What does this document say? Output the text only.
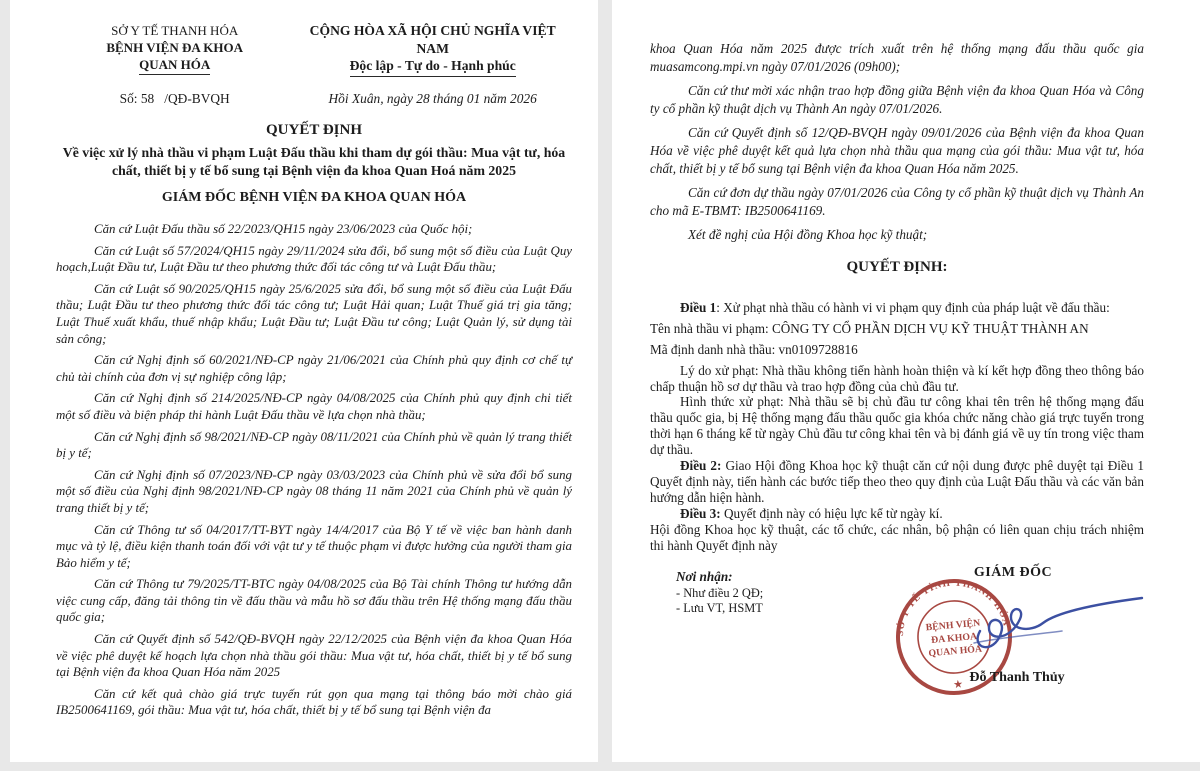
SỞ Y TẾ THANH HÓA
BỆNH VIỆN ĐA KHOA
QUAN HÓA
Số: 58   /QĐ-BVQH
CỘNG HÒA XÃ HỘI CHỦ NGHĨA VIỆT NAM
Độc lập - Tự do - Hạnh phúc
Hồi Xuân, ngày 28 tháng 01 năm 2026
QUYẾT ĐỊNH
Về việc xử lý nhà thầu vi phạm Luật Đấu thầu khi tham dự gói thầu: Mua vật tư, hóa chất, thiết bị y tế bổ sung tại Bệnh viện đa khoa Quan Hoá năm 2025
GIÁM ĐỐC BỆNH VIỆN ĐA KHOA QUAN HÓA

Căn cứ Luật Đấu thầu số 22/2023/QH15 ngày 23/06/2023 của Quốc hội;

Căn cứ Luật số 57/2024/QH15 ngày 29/11/2024 sửa đổi, bổ sung một số điều của Luật Quy hoạch,Luật Đầu tư, Luật Đầu tư theo phương thức đối tác công tư và Luật Đấu thầu;

Căn cứ Luật số 90/2025/QH15 ngày 25/6/2025 sửa đổi, bổ sung một số điều của Luật Đấu thầu; Luật Đầu tư theo phương thức đối tác công tư; Luật Hải quan; Luật Thuế giá trị gia tăng; Luật Thuế xuất khẩu, thuế nhập khẩu; Luật Đầu tư; Luật Đầu tư công; Luật Quản lý, sử dụng tài sản công;

Căn cứ Nghị định số 60/2021/NĐ-CP ngày 21/06/2021 của Chính phủ quy định cơ chế tự chủ tài chính của đơn vị sự nghiệp công lập;

Căn cứ Nghị định số 214/2025/NĐ-CP ngày 04/08/2025 của Chính phủ quy định chi tiết một số điều và biện pháp thi hành Luật Đấu thầu về lựa chọn nhà thầu;

Căn cứ Nghị định số 98/2021/NĐ-CP ngày 08/11/2021 của Chính phủ về quản lý trang thiết bị y tế;

Căn cứ Nghị định số 07/2023/NĐ-CP ngày 03/03/2023 của Chính phủ về sửa đổi bổ sung một số điều của Nghị định 98/2021/NĐ-CP ngày 08 tháng 11 năm 2021 của Chính phủ về quản lý trang thiết bị y tế;

Căn cứ Thông tư số 04/2017/TT-BYT ngày 14/4/2017 của Bộ Y tế về việc ban hành danh mục và tỷ lệ, điều kiện thanh toán đối với vật tư y tế thuộc phạm vi được hưởng của người tham gia Bảo hiểm y tế;

Căn cứ Thông tư 79/2025/TT-BTC ngày 04/08/2025 của Bộ Tài chính Thông tư hướng dẫn việc cung cấp, đăng tải thông tin về đấu thầu và mẫu hồ sơ đấu thầu trên Hệ thống mạng đấu thầu quốc gia;

Căn cứ Quyết định số 542/QĐ-BVQH ngày 22/12/2025 của Bệnh viện đa khoa Quan Hóa về việc phê duyệt kế hoạch lựa chọn nhà thầu gói thầu: Mua vật tư, hóa chất, thiết bị y tế bổ sung tại Bệnh viện đa khoa Quan Hóa năm 2025

Căn cứ kết quả chào giá trực tuyến rút gọn qua mạng tại thông báo mời chào giá IB2500641169, gói thầu: Mua vật tư, hóa chất, thiết bị y tế bổ sung tại Bệnh viện đa

khoa Quan Hóa năm 2025 được trích xuất trên hệ thống mạng đấu thầu quốc gia muasamcong.mpi.vn ngày 07/01/2026 (09h00);

Căn cứ thư mời xác nhận trao hợp đồng giữa Bệnh viện đa khoa Quan Hóa và Công ty cổ phần kỹ thuật dịch vụ Thành An ngày 07/01/2026.

Căn cứ Quyết định số 12/QĐ-BVQH ngày 09/01/2026 của Bệnh viện đa khoa Quan Hóa về việc phê duyệt kết quả lựa chọn nhà thầu qua mạng của gói thầu: Mua vật tư, hóa chất, thiết bị y tế bổ sung tại Bệnh viện đa khoa Quan Hóa năm 2025.

Căn cứ đơn dự thầu ngày 07/01/2026 của Công ty cổ phần kỹ thuật dịch vụ Thành An cho mã E-TBMT: IB2500641169.

Xét đề nghị của Hội đồng Khoa học kỹ thuật;

QUYẾT ĐỊNH:

Điều 1: Xử phạt nhà thầu có hành vi vi phạm quy định của pháp luật về đấu thầu:

Tên nhà thầu vi phạm: CÔNG TY CỔ PHẦN DỊCH VỤ KỸ THUẬT THÀNH AN

Mã định danh nhà thầu: vn0109728816

Lý do xử phạt: Nhà thầu không tiến hành hoàn thiện và kí kết hợp đồng theo thông báo chấp thuận hồ sơ dự thầu và trao hợp đồng của chủ đầu tư.

Hình thức xử phạt: Nhà thầu sẽ bị chủ đầu tư công khai tên trên hệ thống mạng đấu thầu quốc gia, bị Hệ thống mạng đấu thầu quốc gia khóa chức năng chào giá trực tuyến trong thời hạn 6 tháng kể từ ngày Chủ đầu tư công khai tên và bị đánh giá về uy tín trong việc tham dự thầu.

Điều 2: Giao Hội đồng Khoa học kỹ thuật căn cứ nội dung được phê duyệt tại Điều 1 Quyết định này, tiến hành các bước tiếp theo theo quy định của Luật Đấu thầu và các văn bản hướng dẫn hiện hành.

Điều 3: Quyết định này có hiệu lực kể từ ngày kí.

Hội đồng Khoa học kỹ thuật, các tổ chức, các nhân, bộ phận có liên quan chịu trách nhiệm thi hành Quyết định này

Nơi nhận:
- Như điều 2 QĐ;
- Lưu VT, HSMT
GIÁM ĐỐC
SỞ Y TẾ TỈNH THANH HÓA
BỆNH VIỆN
ĐA KHOA
QUAN HÓA
★ Đỗ Thanh Thủy
